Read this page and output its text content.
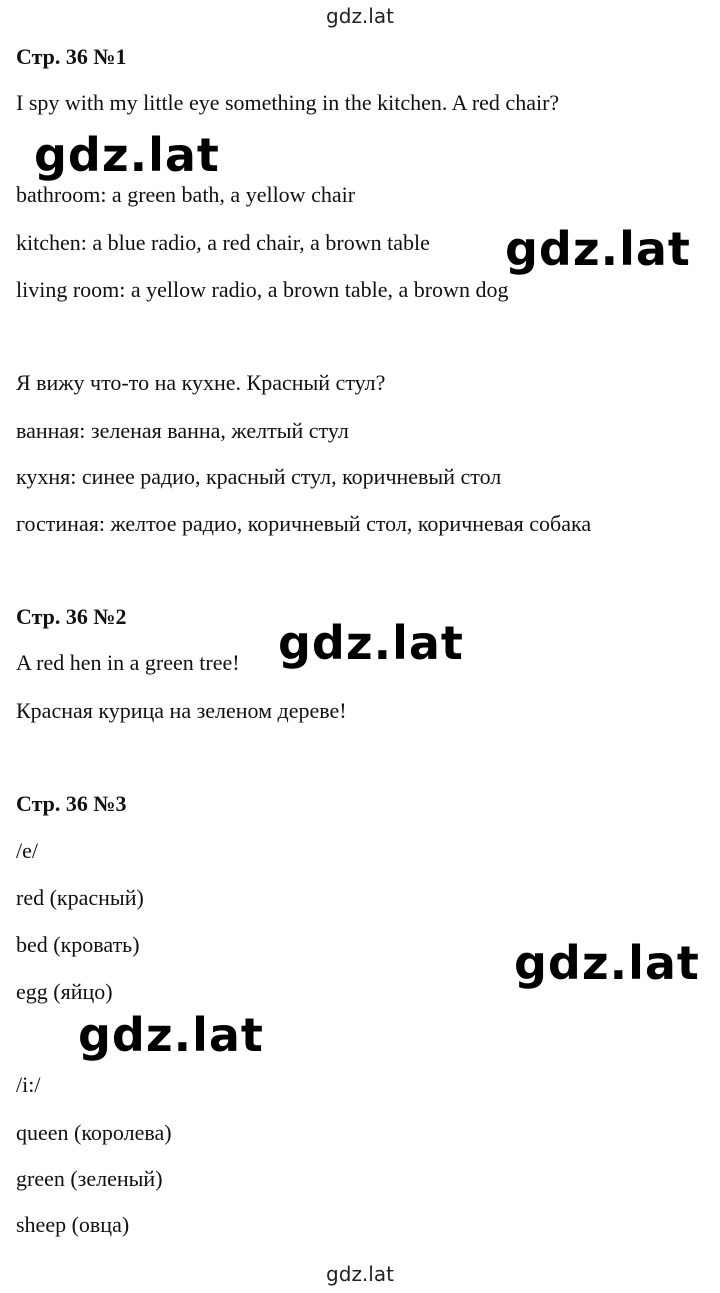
gdz.lat
Стр. 36 №1
I spy with my little eye something in the kitchen. A red chair?
bathroom: a green bath, a yellow chair
kitchen: a blue radio, a red chair, a brown table
living room: a yellow radio, a brown table, a brown dog
Я вижу что-то на кухне. Красный стул?
ванная: зеленая ванна, желтый стул
кухня: синее радио, красный стул, коричневый стол
гостиная: желтое радио, коричневый стол, коричневая собака
Стр. 36 №2
A red hen in a green tree!
Красная курица на зеленом дереве!
Стр. 36 №3
/e/
red (красный)
bed (кровать)
egg (яйцо)
/i:/
queen (королева)
green (зеленый)
sheep (овца)
gdz.lat
gdz.lat
gdz.lat
gdz.lat
gdz.lat
gdz.lat
